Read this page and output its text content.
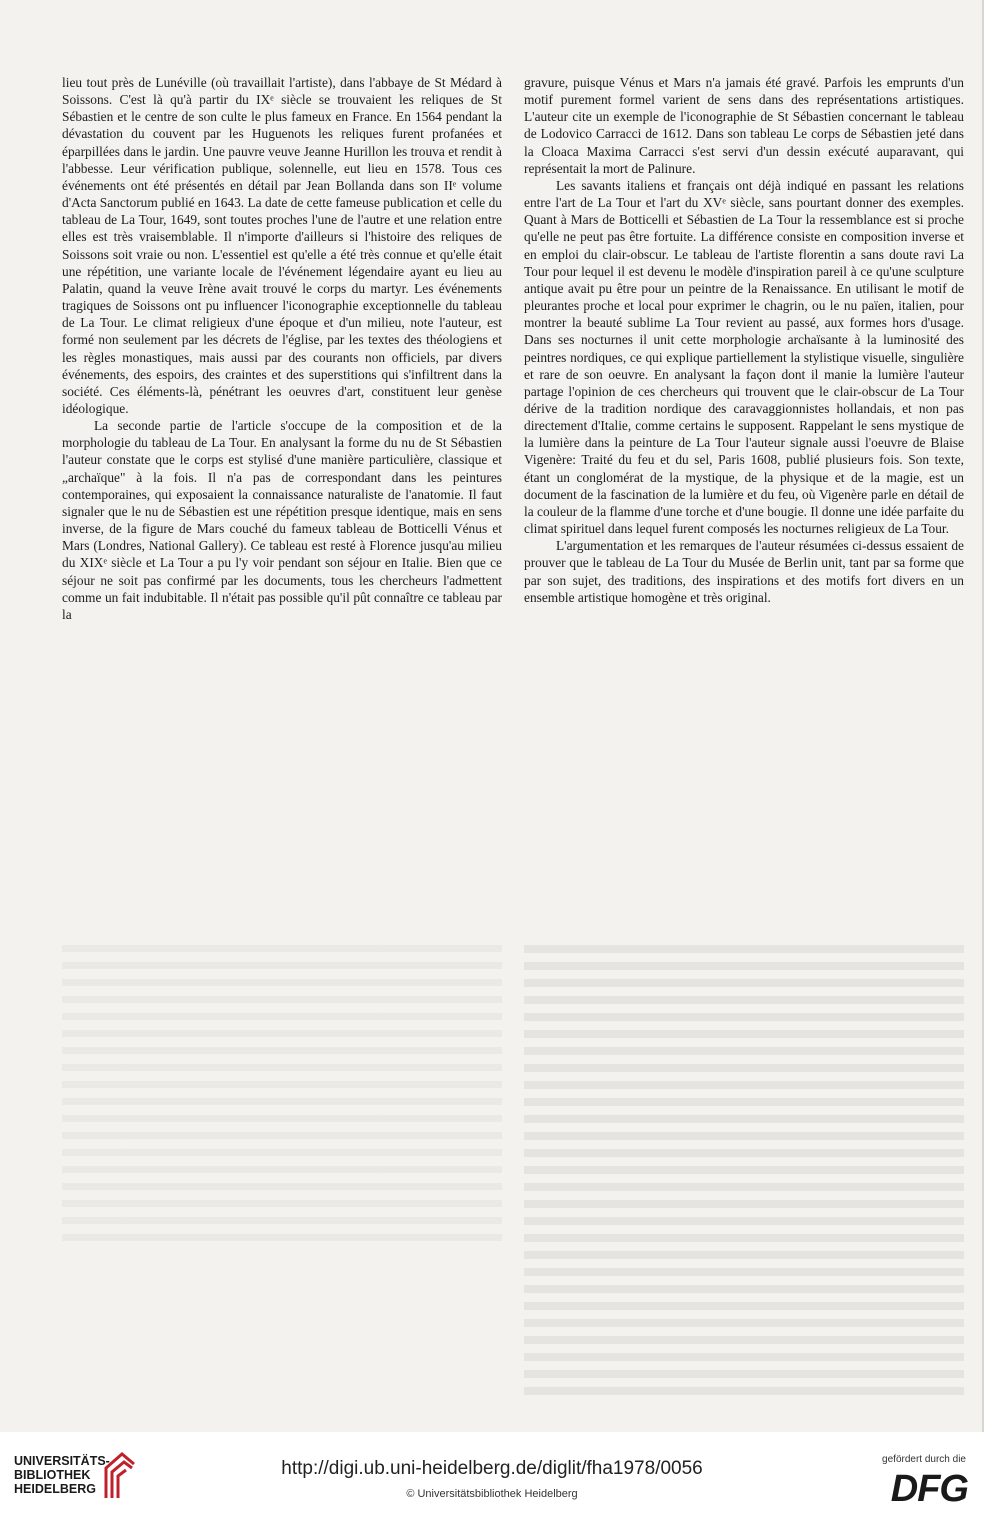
lieu tout près de Lunéville (où travaillait l'artiste), dans l'abbaye de St Médard à Soissons. C'est là qu'à partir du IXᵉ siècle se trouvaient les reliques de St Sébastien et le centre de son culte le plus fameux en France. En 1564 pendant la dévastation du couvent par les Huguenots les reliques furent profanées et éparpillées dans le jardin. Une pauvre veuve Jeanne Hurillon les trouva et rendit à l'abbesse. Leur vérification publique, solennelle, eut lieu en 1578. Tous ces événements ont été présentés en détail par Jean Bollanda dans son IIᵉ volume d'Acta Sanctorum publié en 1643. La date de cette fameuse publication et celle du tableau de La Tour, 1649, sont toutes proches l'une de l'autre et une relation entre elles est très vraisemblable. Il n'importe d'ailleurs si l'histoire des reliques de Soissons soit vraie ou non. L'essentiel est qu'elle a été très connue et qu'elle était une répétition, une variante locale de l'événement légendaire ayant eu lieu au Palatin, quand la veuve Irène avait trouvé le corps du martyr. Les événements tragiques de Soissons ont pu influencer l'iconographie exceptionnelle du tableau de La Tour. Le climat religieux d'une époque et d'un milieu, note l'auteur, est formé non seulement par les décrets de l'église, par les textes des théologiens et les règles monastiques, mais aussi par des courants non officiels, par divers événements, des espoirs, des craintes et des superstitions qui s'infiltrent dans la société. Ces éléments-là, pénétrant les oeuvres d'art, constituent leur genèse idéologique.

La seconde partie de l'article s'occupe de la composition et de la morphologie du tableau de La Tour. En analysant la forme du nu de St Sébastien l'auteur constate que le corps est stylisé d'une manière particulière, classique et „archaïque" à la fois. Il n'a pas de correspondant dans les peintures contemporaines, qui exposaient la connaissance naturaliste de l'anatomie. Il faut signaler que le nu de Sébastien est une répétition presque identique, mais en sens inverse, de la figure de Mars couché du fameux tableau de Botticelli Vénus et Mars (Londres, National Gallery). Ce tableau est resté à Florence jusqu'au milieu du XIXᵉ siècle et La Tour a pu l'y voir pendant son séjour en Italie. Bien que ce séjour ne soit pas confirmé par les documents, tous les chercheurs l'admettent comme un fait indubitable. Il n'était pas possible qu'il pût connaître ce tableau par la

gravure, puisque Vénus et Mars n'a jamais été gravé. Parfois les emprunts d'un motif purement formel varient de sens dans des représentations artistiques. L'auteur cite un exemple de l'iconographie de St Sébastien concernant le tableau de Lodovico Carracci de 1612. Dans son tableau Le corps de Sébastien jeté dans la Cloaca Maxima Carracci s'est servi d'un dessin exécuté auparavant, qui représentait la mort de Palinure.

Les savants italiens et français ont déjà indiqué en passant les relations entre l'art de La Tour et l'art du XVᵉ siècle, sans pourtant donner des exemples. Quant à Mars de Botticelli et Sébastien de La Tour la ressemblance est si proche qu'elle ne peut pas être fortuite. La différence consiste en composition inverse et en emploi du clair-obscur. Le tableau de l'artiste florentin a sans doute ravi La Tour pour lequel il est devenu le modèle d'inspiration pareil à ce qu'une sculpture antique avait pu être pour un peintre de la Renaissance. En utilisant le motif de pleurantes proche et local pour exprimer le chagrin, ou le nu païen, italien, pour montrer la beauté sublime La Tour revient au passé, aux formes hors d'usage. Dans ses nocturnes il unit cette morphologie archaïsante à la luminosité des peintres nordiques, ce qui explique partiellement la stylistique visuelle, singulière et rare de son oeuvre. En analysant la façon dont il manie la lumière l'auteur partage l'opinion de ces chercheurs qui trouvent que le clair-obscur de La Tour dérive de la tradition nordique des caravaggionnistes hollandais, et non pas directement d'Italie, comme certains le supposent. Rappelant le sens mystique de la lumière dans la peinture de La Tour l'auteur signale aussi l'oeuvre de Blaise Vigenère: Traité du feu et du sel, Paris 1608, publié plusieurs fois. Son texte, étant un conglomérat de la mystique, de la physique et de la magie, est un document de la fascination de la lumière et du feu, où Vigenère parle en détail de la couleur de la flamme d'une torche et d'une bougie. Il donne une idée parfaite du climat spirituel dans lequel furent composés les nocturnes religieux de La Tour.

L'argumentation et les remarques de l'auteur résumées ci-dessus essaient de prouver que le tableau de La Tour du Musée de Berlin unit, tant par sa forme que par son sujet, des traditions, des inspirations et des motifs fort divers en un ensemble artistique homogène et très original.

UNIVERSITÄTS-
BIBLIOTHEK
HEIDELBERG
http://digi.ub.uni-heidelberg.de/diglit/fha1978/0056
© Universitätsbibliothek Heidelberg
gefördert durch die
DFG
